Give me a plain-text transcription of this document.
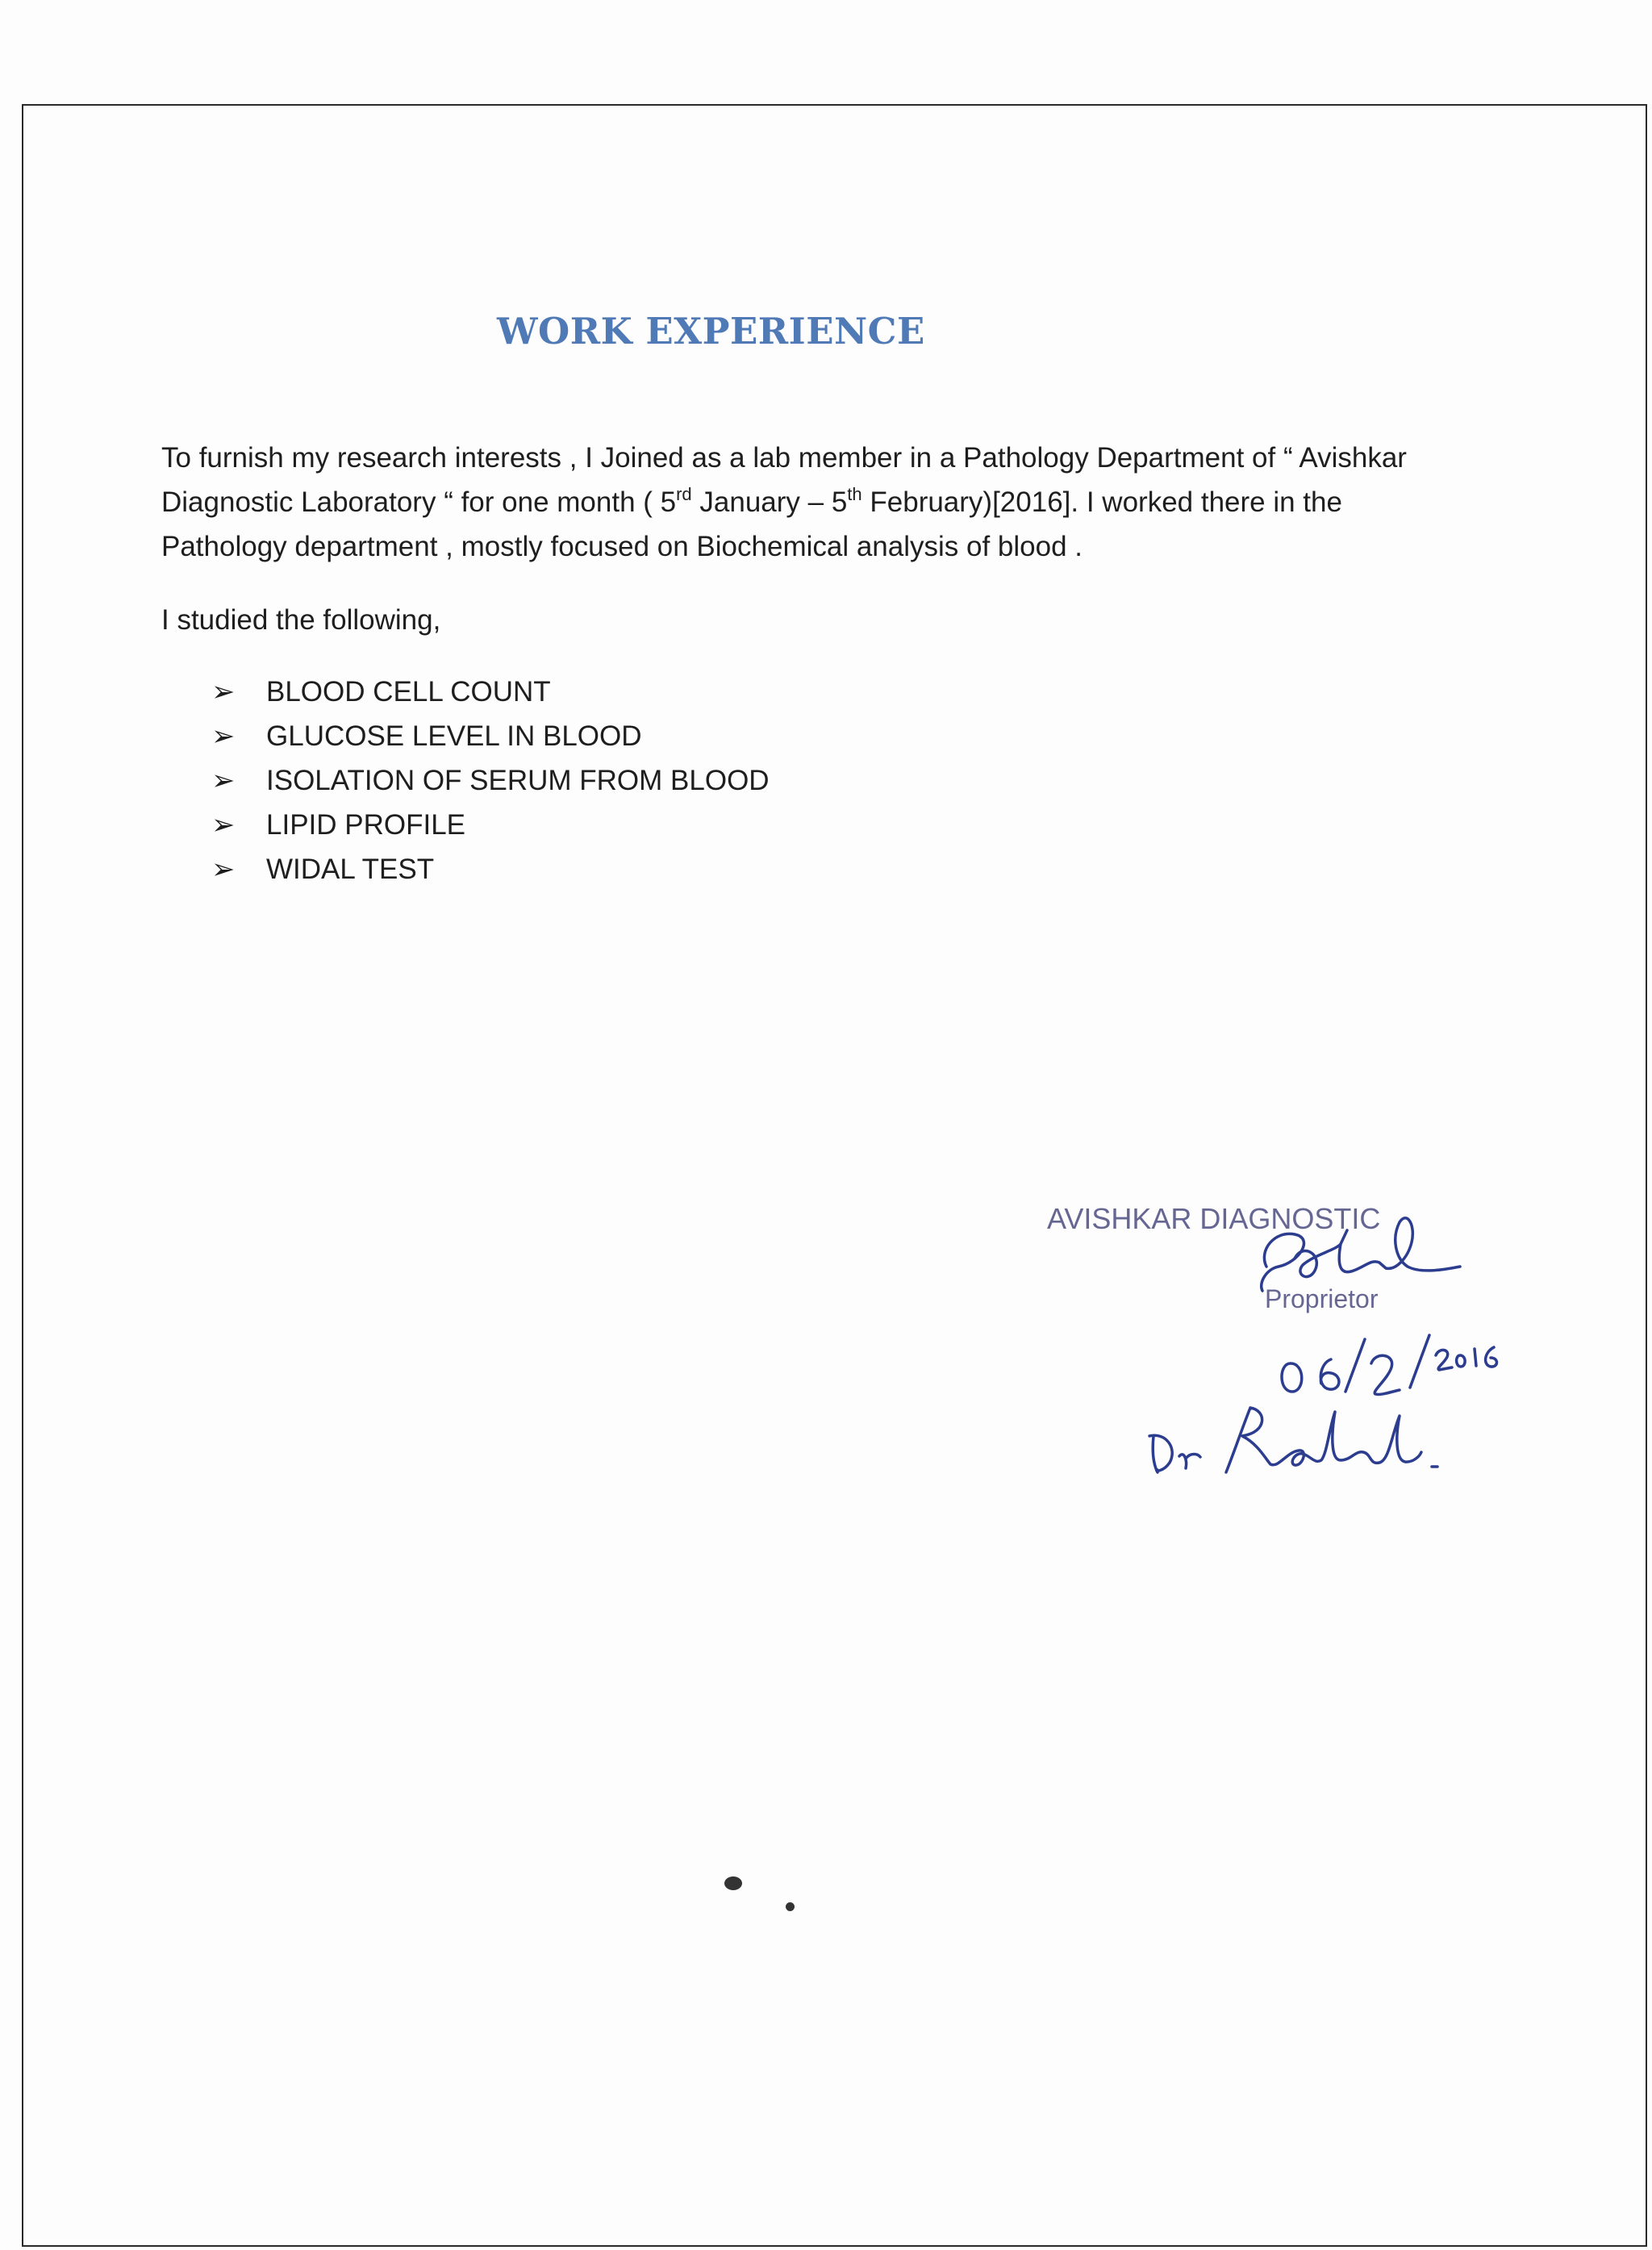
WORK EXPERIENCE

To furnish my research interests , I Joined as a lab member in a Pathology Department of “ Avishkar
Diagnostic Laboratory “ for one month ( 5rd January – 5th February)[2016]. I worked there in the
Pathology department , mostly focused on Biochemical analysis of blood .

I studied the following,

➢	BLOOD CELL COUNT
➢	GLUCOSE LEVEL IN BLOOD
➢	ISOLATION OF SERUM FROM BLOOD
➢	LIPID PROFILE
➢	WIDAL TEST
AVISHKAR DIAGNOSTIC
Proprietor
